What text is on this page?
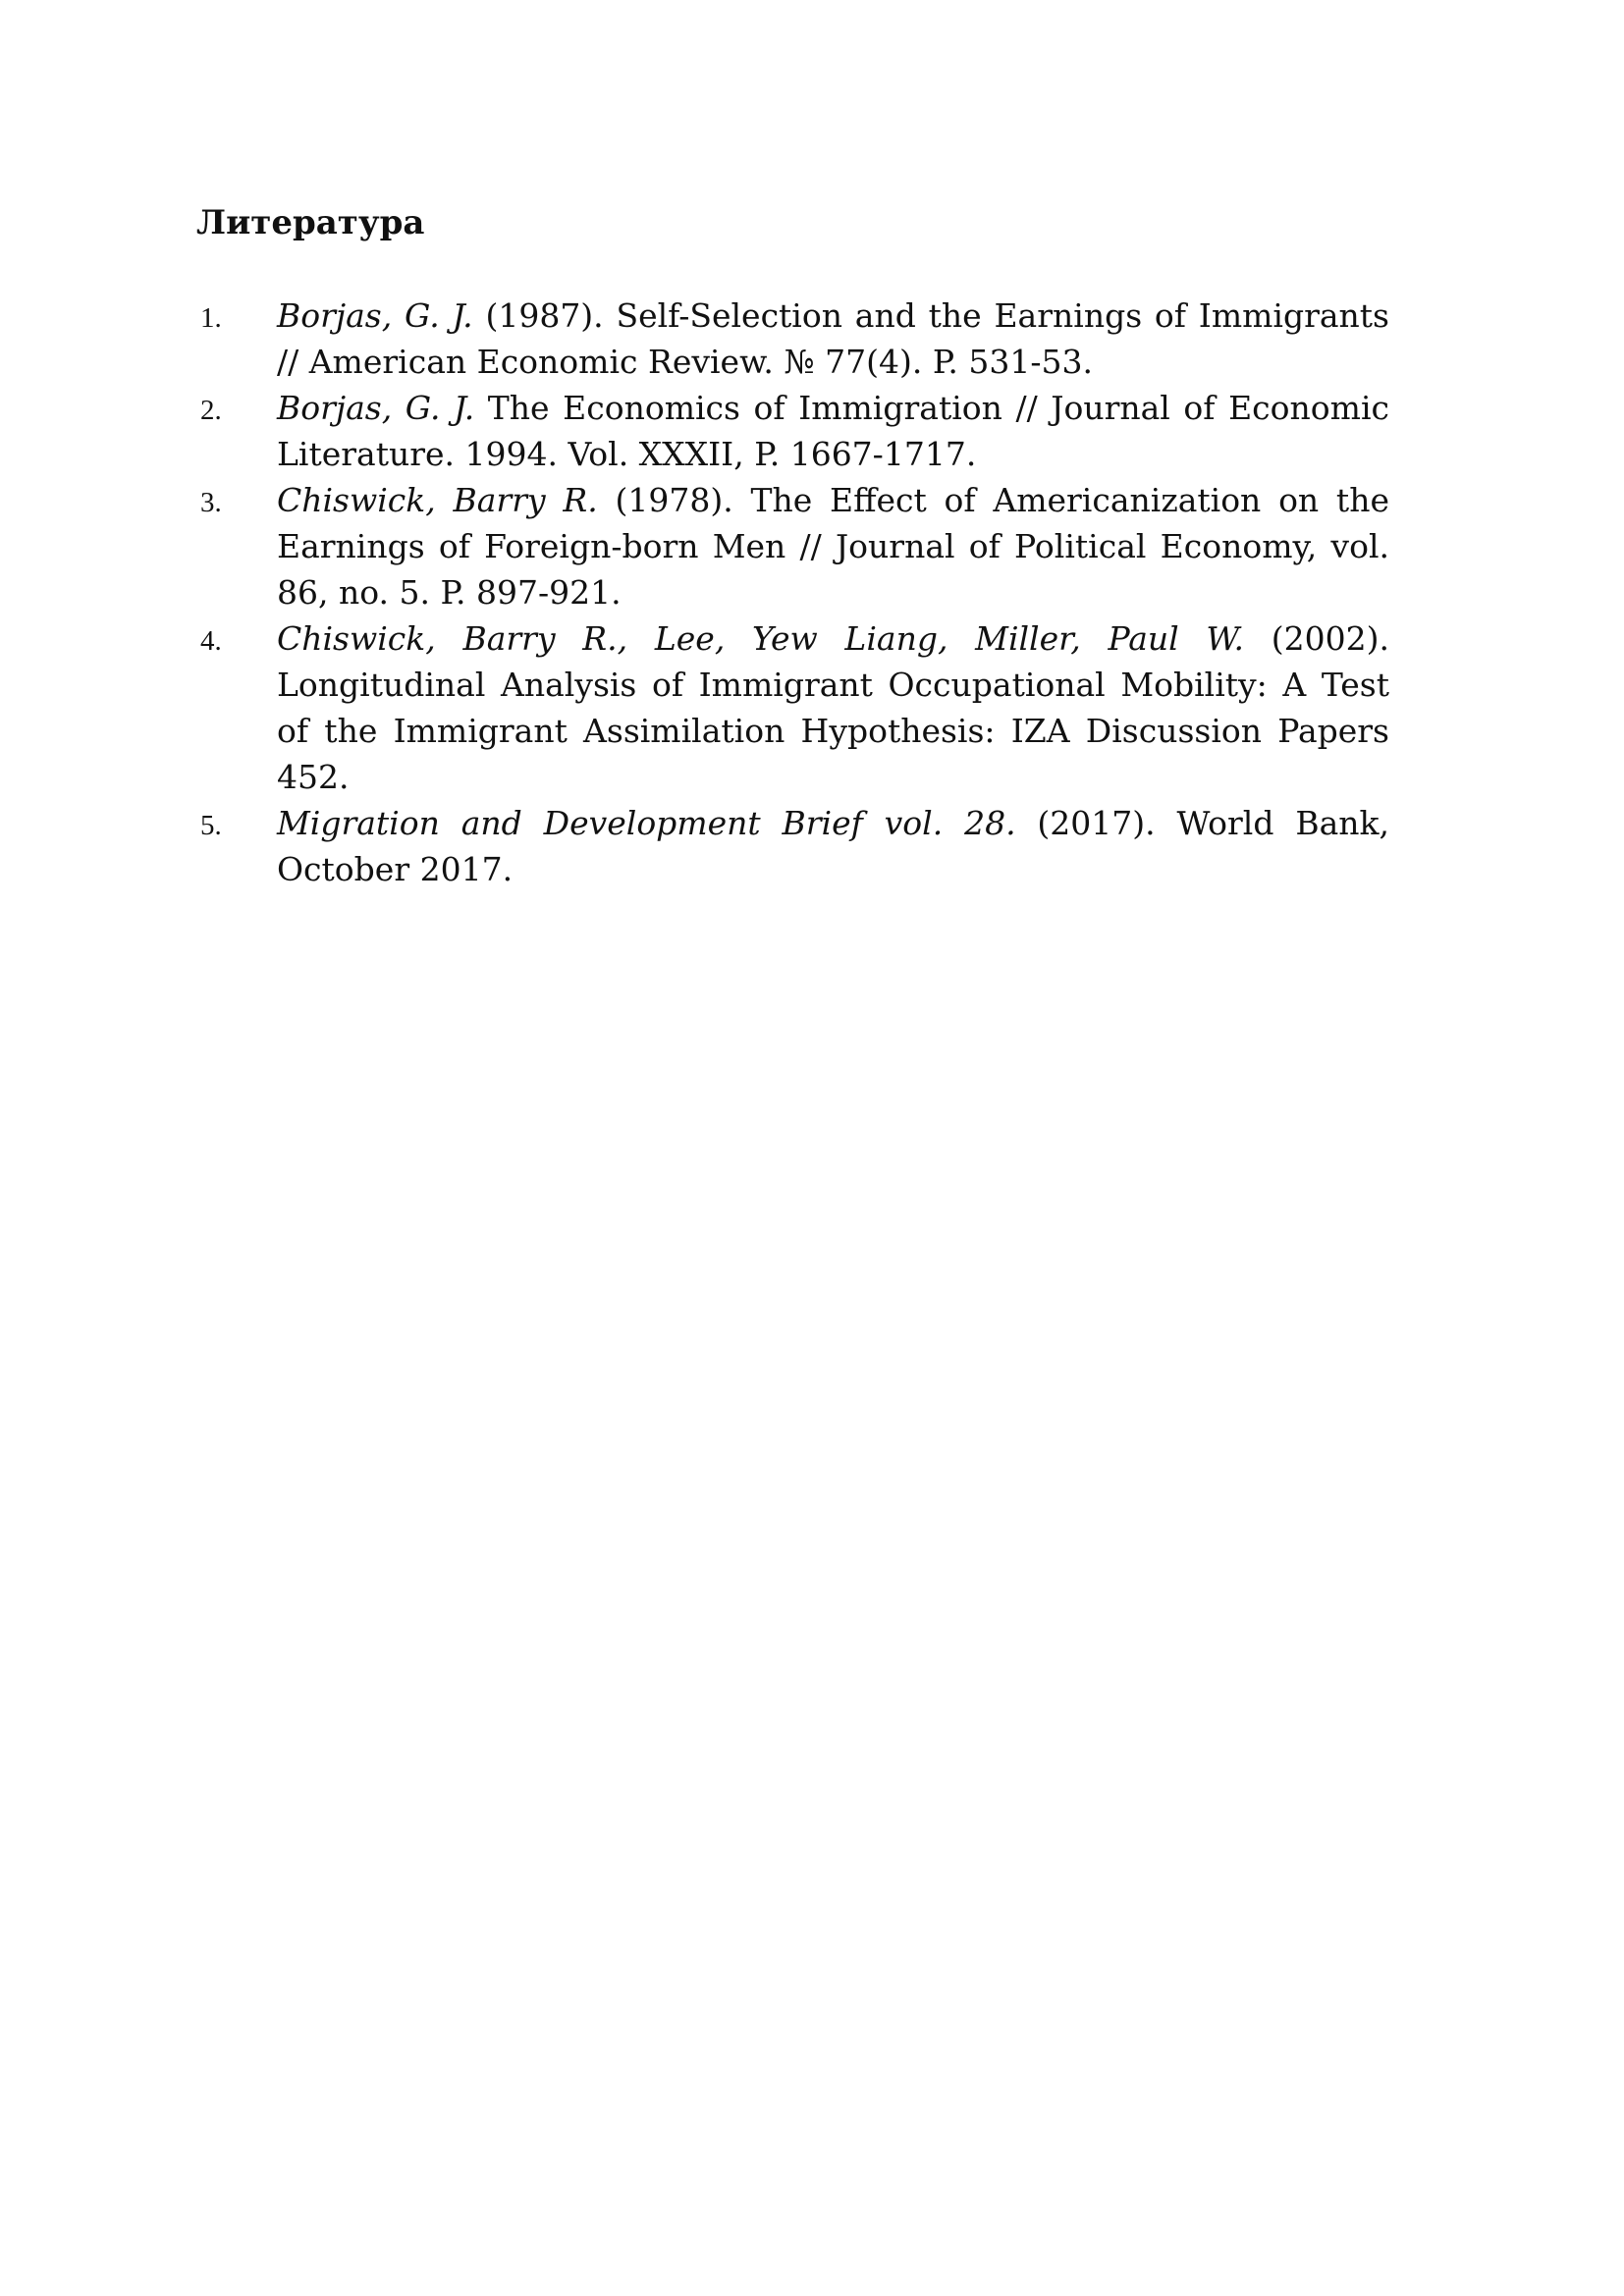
Литература
1. Borjas, G. J. (1987). Self-Selection and the Earnings of Immigrants // American Economic Review. № 77(4). P. 531-53.
2. Borjas, G. J. The Economics of Immigration // Journal of Economic Literature. 1994. Vol. XXXII, P. 1667-1717.
3. Chiswick, Barry R. (1978). The Effect of Americanization on the Earnings of Foreign-born Men // Journal of Political Economy, vol. 86, no. 5. P. 897-921.
4. Chiswick, Barry R., Lee, Yew Liang, Miller, Paul W. (2002). Longitudinal Analysis of Immigrant Occupational Mobility: A Test of the Immigrant Assimilation Hypothesis: IZA Discussion Papers 452.
5. Migration and Development Brief vol. 28. (2017). World Bank, October 2017.
